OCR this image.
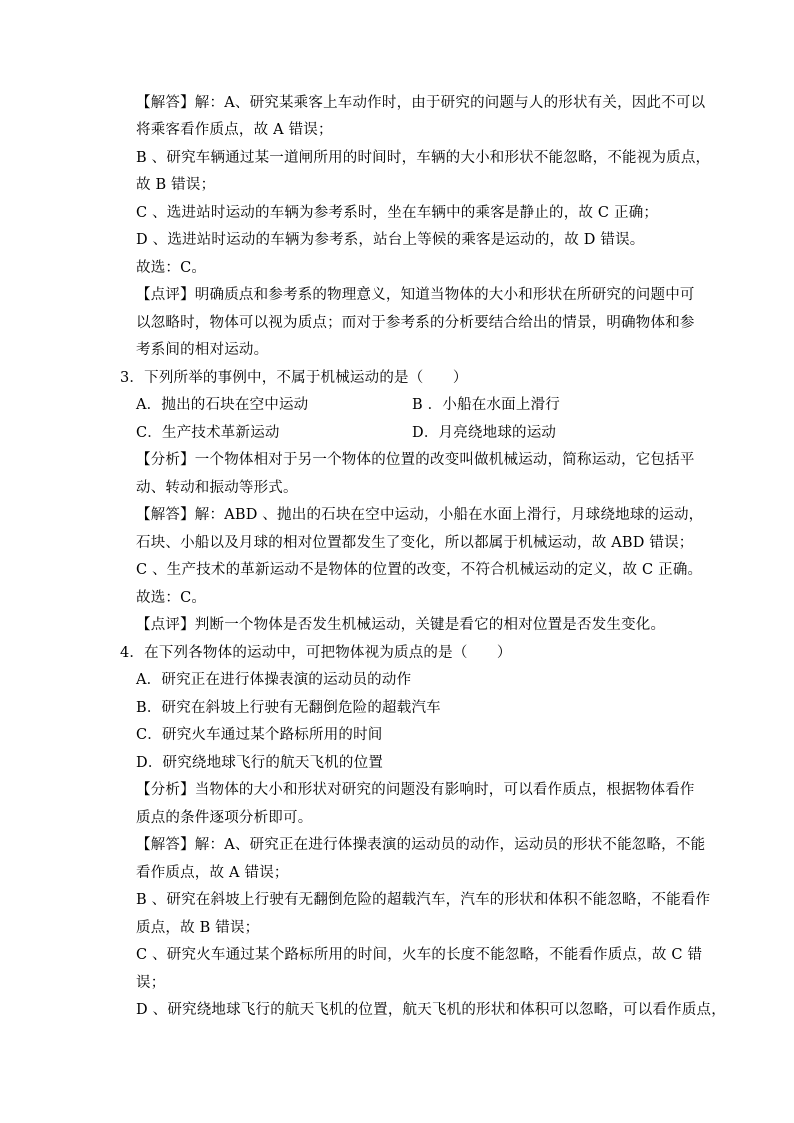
【解答】解：A、研究某乘客上车动作时，由于研究的问题与人的形状有关，因此不可以
将乘客看作质点，故 A 错误；
B 、研究车辆通过某一道闸所用的时间时，车辆的大小和形状不能忽略，不能视为质点，
故 B 错误；
C 、选进站时运动的车辆为参考系时，坐在车辆中的乘客是静止的，故 C 正确；
D 、选进站时运动的车辆为参考系，站台上等候的乘客是运动的，故 D 错误。
故选：C。
【点评】明确质点和参考系的物理意义，知道当物体的大小和形状在所研究的问题中可
以忽略时，物体可以视为质点；而对于参考系的分析要结合给出的情景，明确物体和参
考系间的相对运动。
3．下列所举的事例中，不属于机械运动的是（　　）
A．抛出的石块在空中运动	B ．小船在水面上滑行
C．生产技术革新运动	D．月亮绕地球的运动
【分析】一个物体相对于另一个物体的位置的改变叫做机械运动，简称运动，它包括平
动、转动和振动等形式。
【解答】解：ABD 、抛出的石块在空中运动，小船在水面上滑行，月球绕地球的运动，
石块、小船以及月球的相对位置都发生了变化，所以都属于机械运动，故 ABD 错误；
C 、生产技术的革新运动不是物体的位置的改变，不符合机械运动的定义，故 C 正确。
故选：C。
【点评】判断一个物体是否发生机械运动，关键是看它的相对位置是否发生变化。
4．在下列各物体的运动中，可把物体视为质点的是（　　）
A．研究正在进行体操表演的运动员的动作
B．研究在斜坡上行驶有无翻倒危险的超载汽车
C．研究火车通过某个路标所用的时间
D．研究绕地球飞行的航天飞机的位置
【分析】当物体的大小和形状对研究的问题没有影响时，可以看作质点，根据物体看作
质点的条件逐项分析即可。
【解答】解：A、研究正在进行体操表演的运动员的动作，运动员的形状不能忽略，不能
看作质点，故 A 错误；
B 、研究在斜坡上行驶有无翻倒危险的超载汽车，汽车的形状和体积不能忽略，不能看作
质点，故 B 错误；
C 、研究火车通过某个路标所用的时间，火车的长度不能忽略，不能看作质点，故 C 错
误；
D 、研究绕地球飞行的航天飞机的位置，航天飞机的形状和体积可以忽略，可以看作质点，
